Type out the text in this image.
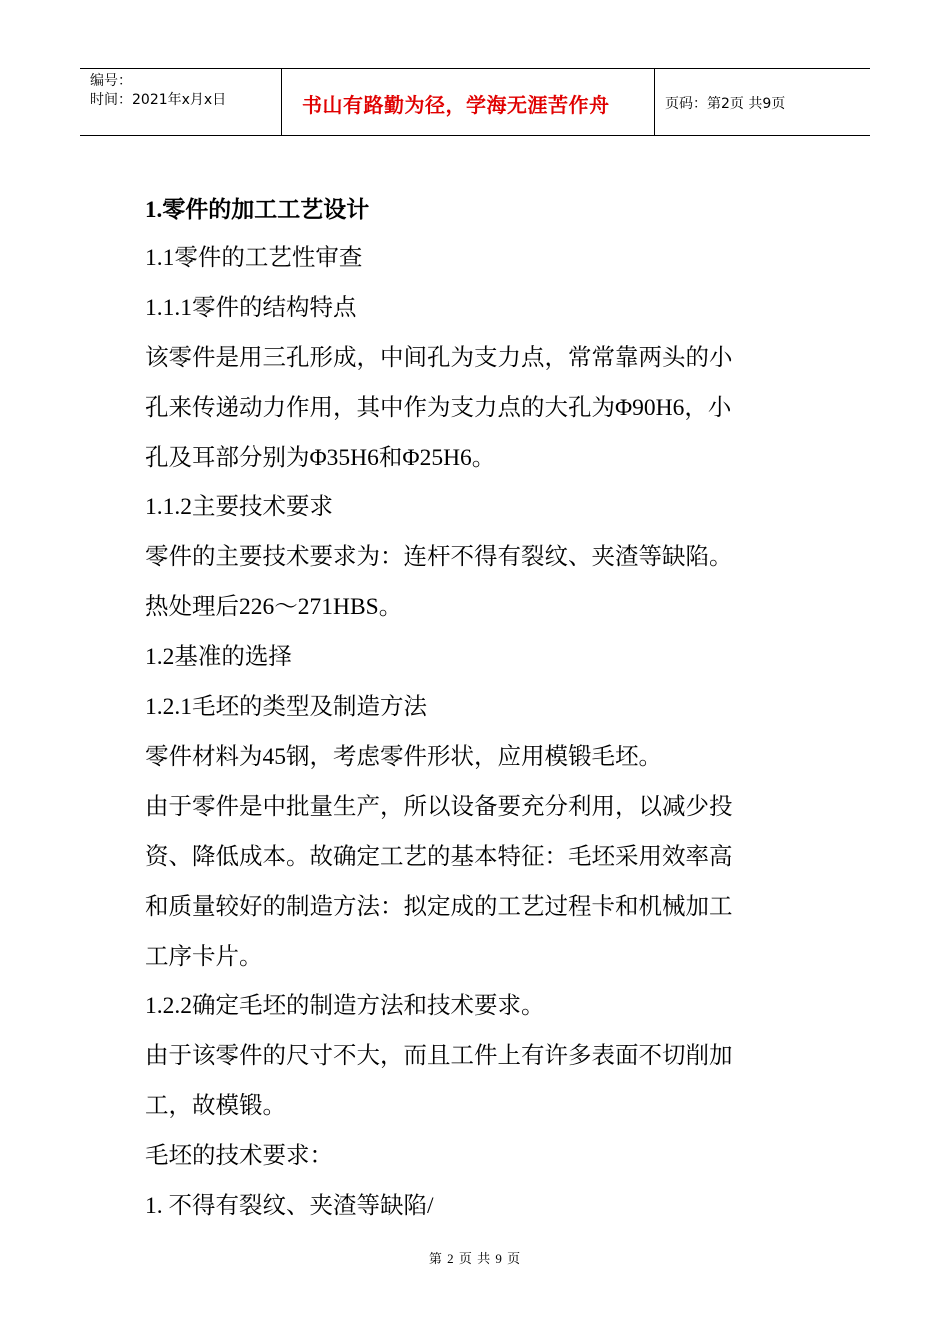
编号：
时间：2021年x月x日	书山有路勤为径，学海无涯苦作舟	页码：第2页 共9页
1.零件的加工工艺设计
1.1零件的工艺性审查
1.1.1零件的结构特点
该零件是用三孔形成，中间孔为支力点，常常靠两头的小
孔来传递动力作用，其中作为支力点的大孔为Φ90H6，小
孔及耳部分别为Φ35H6和Φ25H6。
1.1.2主要技术要求
零件的主要技术要求为：连杆不得有裂纹、夹渣等缺陷。
热处理后226～271HBS。
1.2基准的选择
1.2.1毛坯的类型及制造方法
零件材料为45钢，考虑零件形状，应用模锻毛坯。
由于零件是中批量生产，所以设备要充分利用，以减少投
资、降低成本。故确定工艺的基本特征：毛坯采用效率高
和质量较好的制造方法：拟定成的工艺过程卡和机械加工
工序卡片。
1.2.2确定毛坯的制造方法和技术要求。
由于该零件的尺寸不大，而且工件上有许多表面不切削加
工，故模锻。
毛坯的技术要求：
1. 不得有裂纹、夹渣等缺陷/
第 2 页 共 9 页
